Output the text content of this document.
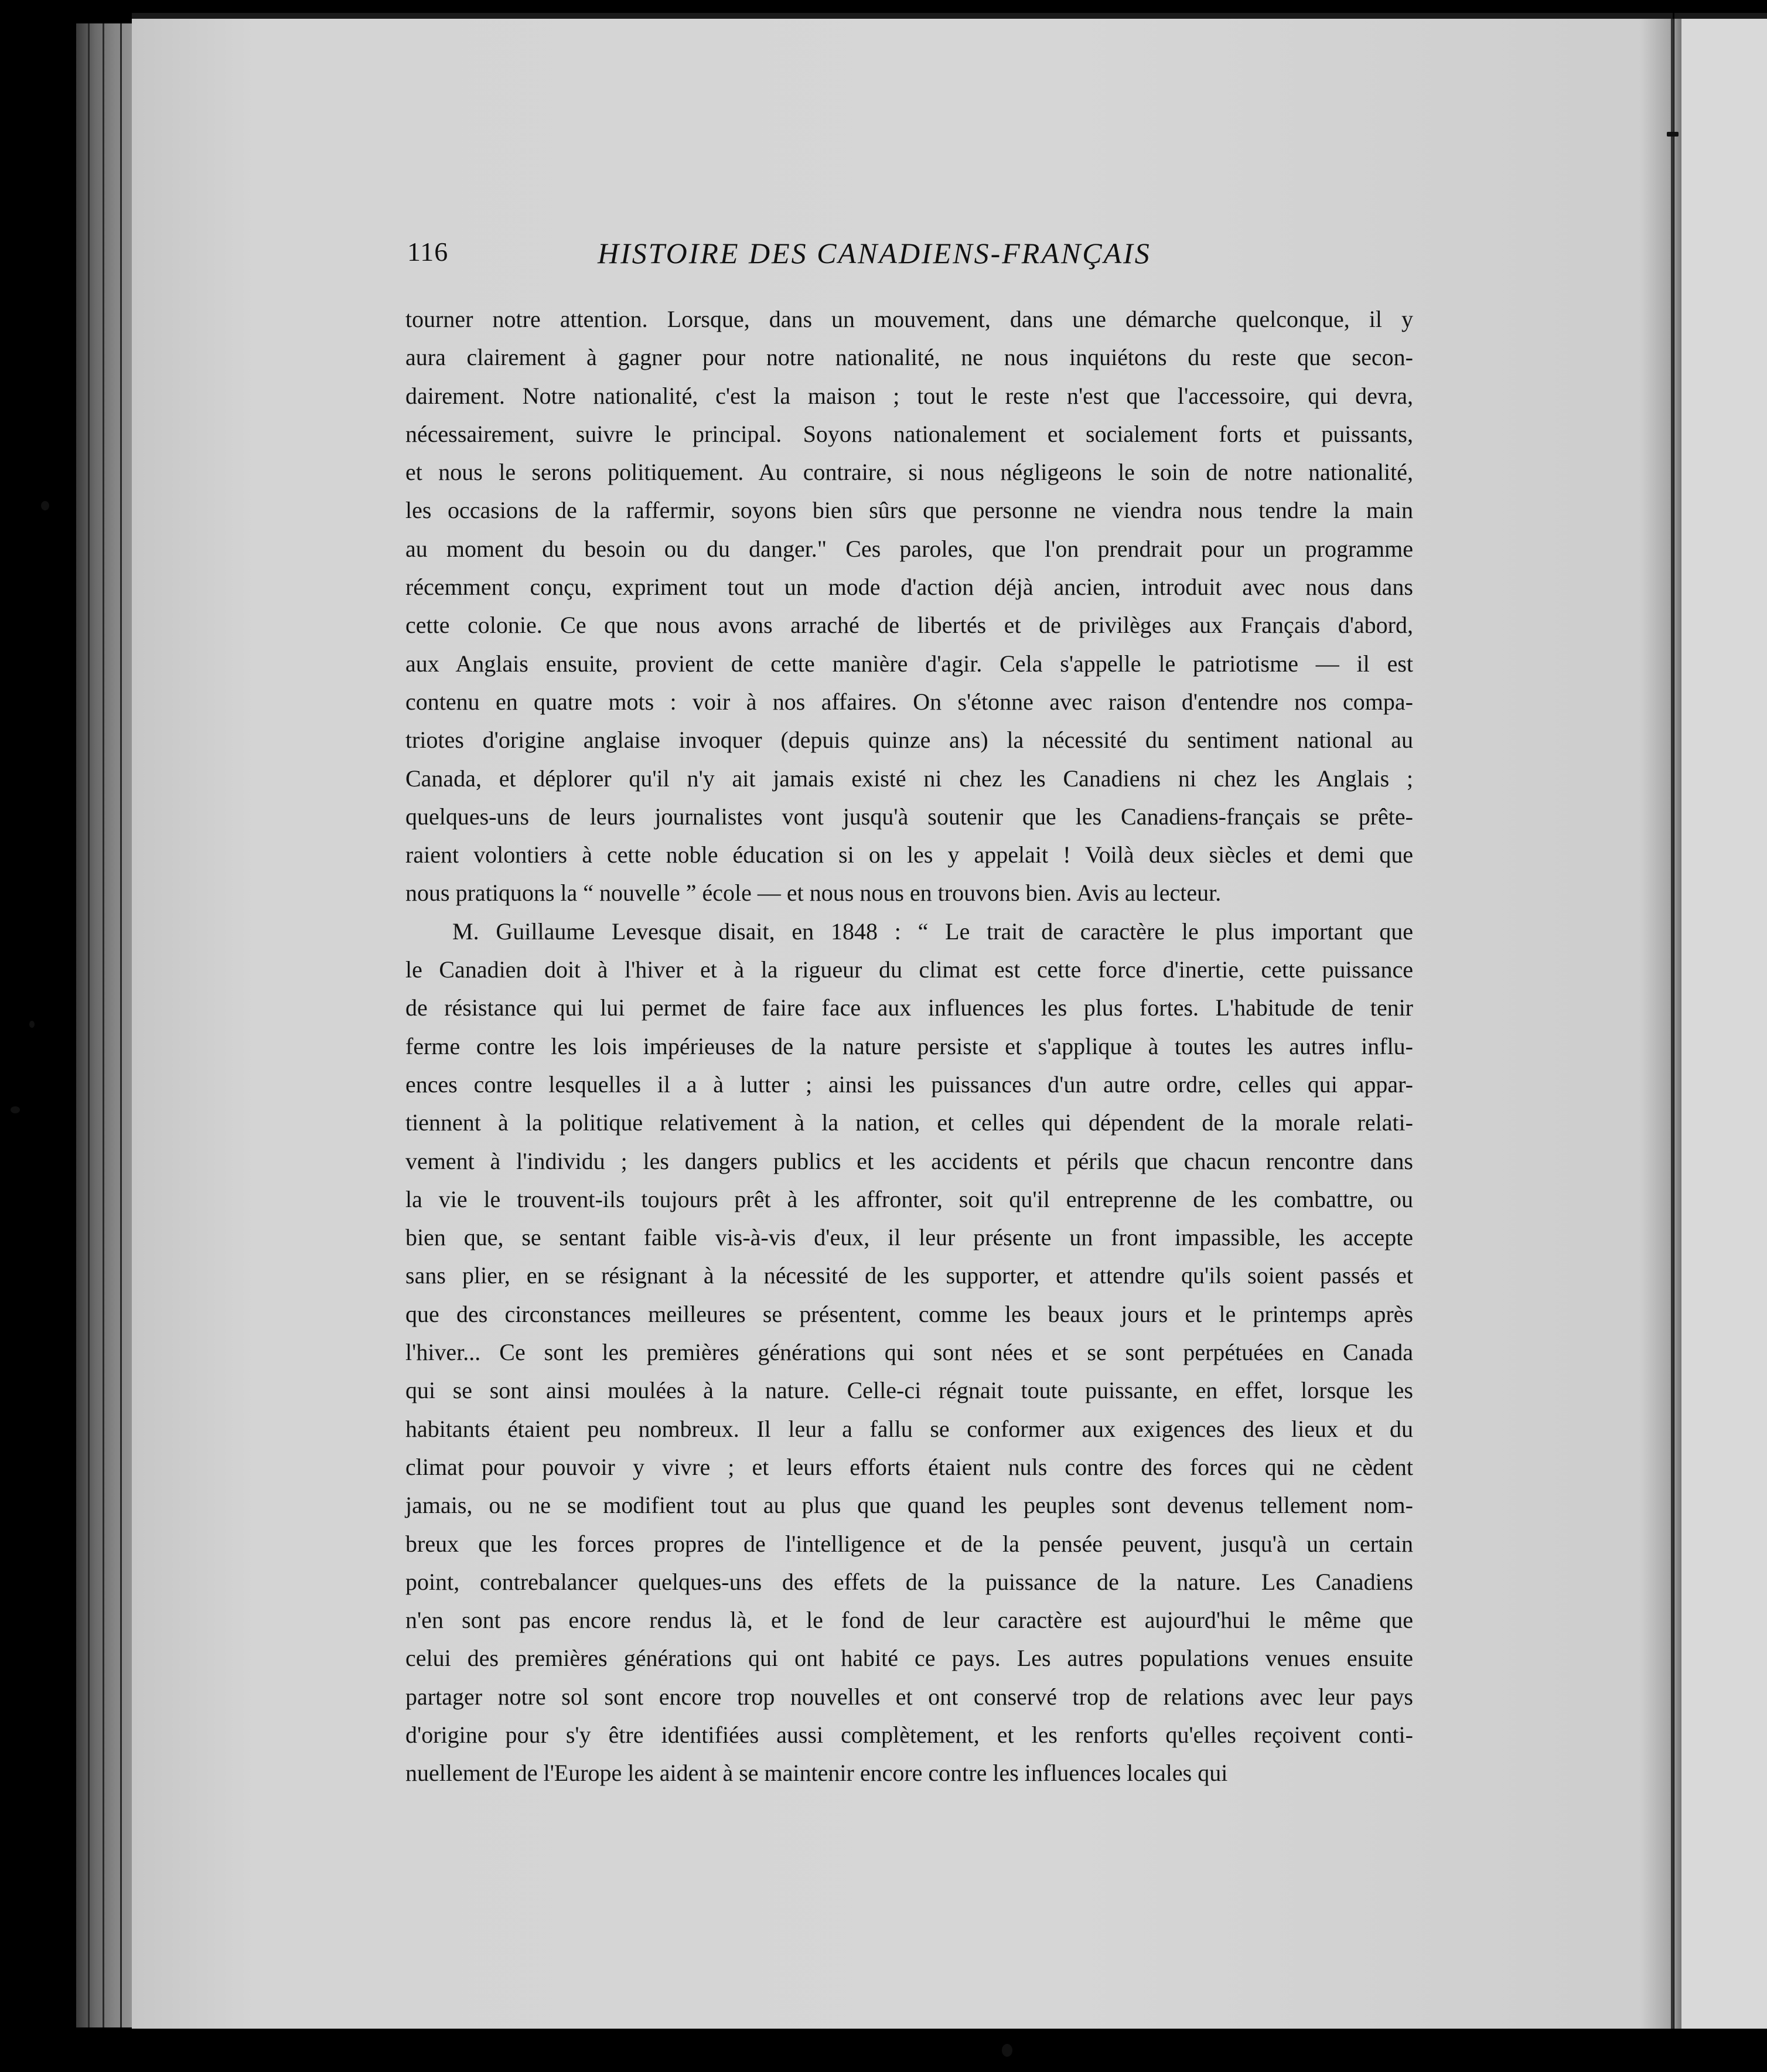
116	HISTOIRE DES CANADIENS-FRANÇAIS
tourner notre attention. Lorsque, dans un mouvement, dans une démarche quelconque, il y
aura clairement à gagner pour notre nationalité, ne nous inquiétons du reste que secon-
dairement. Notre nationalité, c'est la maison ; tout le reste n'est que l'accessoire, qui devra,
nécessairement, suivre le principal. Soyons nationalement et socialement forts et puissants,
et nous le serons politiquement. Au contraire, si nous négligeons le soin de notre nationalité,
les occasions de la raffermir, soyons bien sûrs que personne ne viendra nous tendre la main
au moment du besoin ou du danger." Ces paroles, que l'on prendrait pour un programme
récemment conçu, expriment tout un mode d'action déjà ancien, introduit avec nous dans
cette colonie. Ce que nous avons arraché de libertés et de privilèges aux Français d'abord,
aux Anglais ensuite, provient de cette manière d'agir. Cela s'appelle le patriotisme — il est
contenu en quatre mots : voir à nos affaires. On s'étonne avec raison d'entendre nos compa-
triotes d'origine anglaise invoquer (depuis quinze ans) la nécessité du sentiment national au
Canada, et déplorer qu'il n'y ait jamais existé ni chez les Canadiens ni chez les Anglais ;
quelques-uns de leurs journalistes vont jusqu'à soutenir que les Canadiens-français se prête-
raient volontiers à cette noble éducation si on les y appelait ! Voilà deux siècles et demi que
nous pratiquons la “ nouvelle ” école — et nous nous en trouvons bien. Avis au lecteur.
M. Guillaume Levesque disait, en 1848 : “ Le trait de caractère le plus important que
le Canadien doit à l'hiver et à la rigueur du climat est cette force d'inertie, cette puissance
de résistance qui lui permet de faire face aux influences les plus fortes. L'habitude de tenir
ferme contre les lois impérieuses de la nature persiste et s'applique à toutes les autres influ-
ences contre lesquelles il a à lutter ; ainsi les puissances d'un autre ordre, celles qui appar-
tiennent à la politique relativement à la nation, et celles qui dépendent de la morale relati-
vement à l'individu ; les dangers publics et les accidents et périls que chacun rencontre dans
la vie le trouvent-ils toujours prêt à les affronter, soit qu'il entreprenne de les combattre, ou
bien que, se sentant faible vis-à-vis d'eux, il leur présente un front impassible, les accepte
sans plier, en se résignant à la nécessité de les supporter, et attendre qu'ils soient passés et
que des circonstances meilleures se présentent, comme les beaux jours et le printemps après
l'hiver... Ce sont les premières générations qui sont nées et se sont perpétuées en Canada
qui se sont ainsi moulées à la nature. Celle-ci régnait toute puissante, en effet, lorsque les
habitants étaient peu nombreux. Il leur a fallu se conformer aux exigences des lieux et du
climat pour pouvoir y vivre ; et leurs efforts étaient nuls contre des forces qui ne cèdent
jamais, ou ne se modifient tout au plus que quand les peuples sont devenus tellement nom-
breux que les forces propres de l'intelligence et de la pensée peuvent, jusqu'à un certain
point, contrebalancer quelques-uns des effets de la puissance de la nature. Les Canadiens
n'en sont pas encore rendus là, et le fond de leur caractère est aujourd'hui le même que
celui des premières générations qui ont habité ce pays. Les autres populations venues ensuite
partager notre sol sont encore trop nouvelles et ont conservé trop de relations avec leur pays
d'origine pour s'y être identifiées aussi complètement, et les renforts qu'elles reçoivent conti-
nuellement de l'Europe les aident à se maintenir encore contre les influences locales qui
